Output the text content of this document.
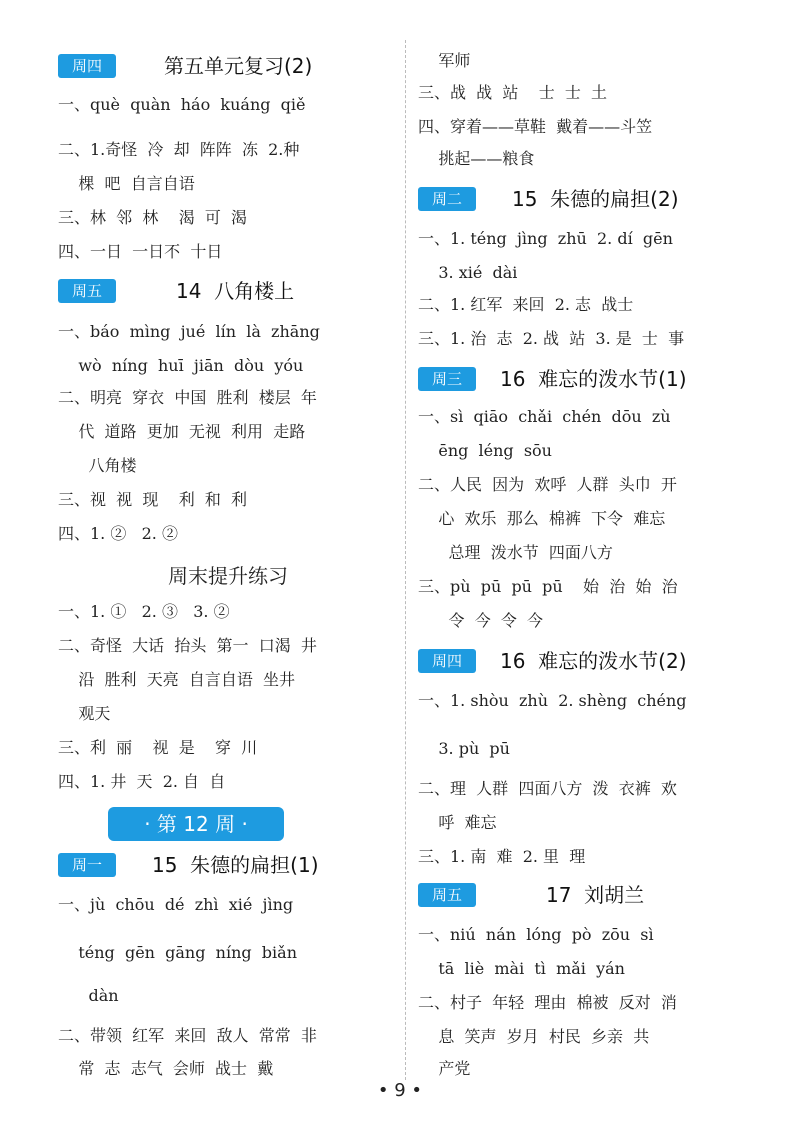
周四	第五单元复习(2)
一、què  quàn  háo  kuáng  qiě
二、1.奇怪  冷  却  阵阵  冻  2.种
棵  吧  自言自语
三、林  邻  林    渴  可  渴
四、一日  一日不  十日
周五	14  八角楼上
一、báo  mìng  jué  lín  là  zhāng
wò  níng  huī  jiān  dòu  yóu
二、明亮  穿衣  中国  胜利  楼层  年
代  道路  更加  无视  利用  走路
八角楼
三、视  视  现    利  和  利
四、1. ②   2. ②
周末提升练习
一、1. ①   2. ③   3. ②
二、奇怪  大话  抬头  第一  口渴  井
沿  胜利  天亮  自言自语  坐井
观天
三、利  丽    视  是    穿  川
四、1. 井  天  2. 自  自
· 第 12 周 ·
周一	15  朱德的扁担(1)
一、jù  chōu  dé  zhì  xié  jìng
téng  gēn  gāng  níng  biǎn
dàn
二、带领  红军  来回  敌人  常常  非
常  志  志气  会师  战士  戴
军师
三、战  战  站    士  士  土
四、穿着——草鞋  戴着——斗笠
挑起——粮食
周二	15  朱德的扁担(2)
一、1. téng  jìng  zhū  2. dí  gēn
3. xié  dài
二、1. 红军  来回  2. 志  战士
三、1. 治  志  2. 战  站  3. 是  士  事
周三	16  难忘的泼水节(1)
一、sì  qiāo  chǎi  chén  dōu  zù
ēng  léng  sōu
二、人民  因为  欢呼  人群  头巾  开
心  欢乐  那么  棉裤  下令  难忘
总理  泼水节  四面八方
三、pù  pū  pū  pū    始  治  始  治
令  今  令  今
周四	16  难忘的泼水节(2)
一、1. shòu  zhù  2. shèng  chéng
3. pù  pū
二、理  人群  四面八方  泼  衣裤  欢
呼  难忘
三、1. 南  难  2. 里  理
周五	17  刘胡兰
一、niú  nán  lóng  pò  zōu  sì
tā  liè  mài  tì  mǎi  yán
二、村子  年轻  理由  棉被  反对  消
息  笑声  岁月  村民  乡亲  共
产党
• 9 •
